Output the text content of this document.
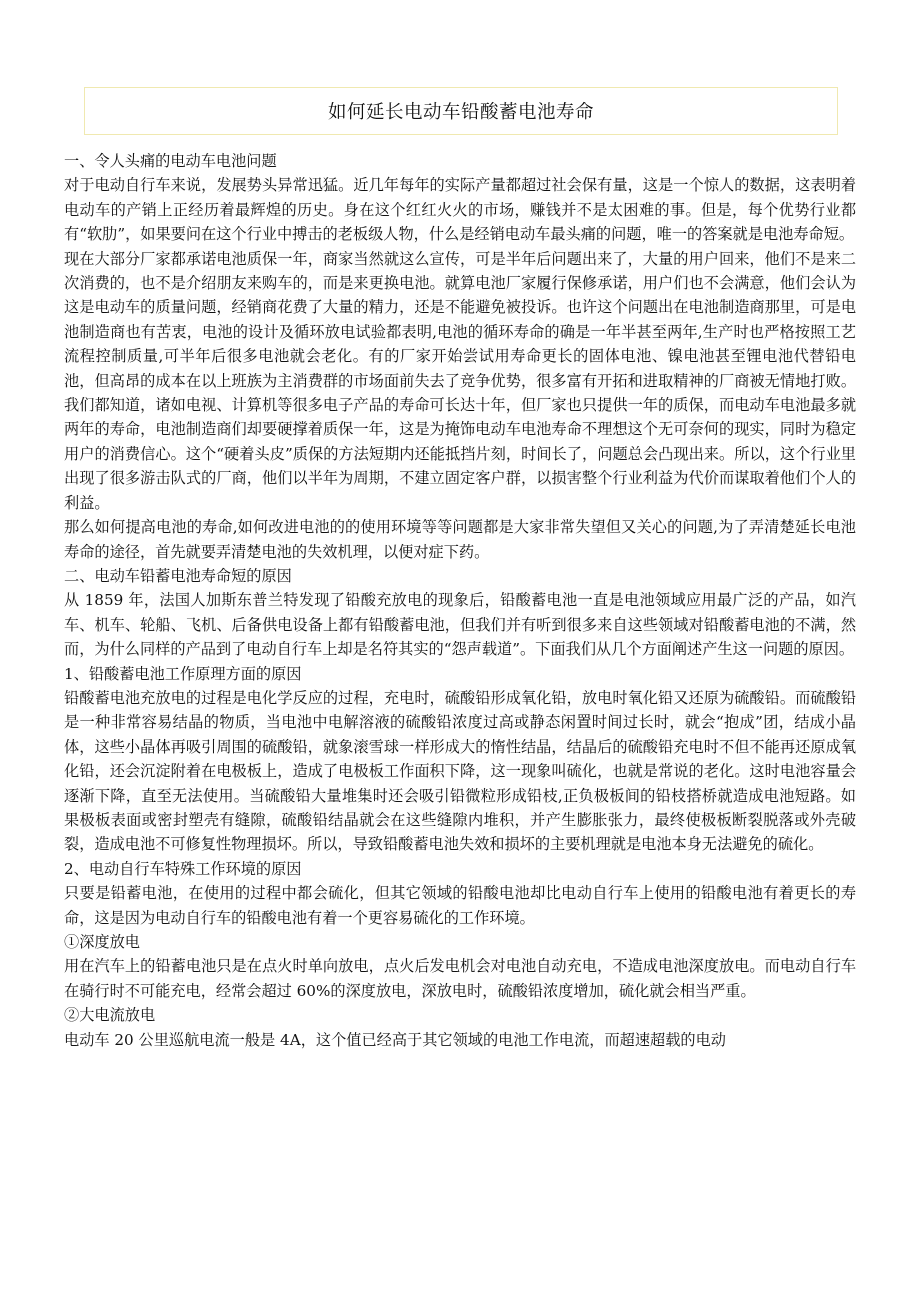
如何延长电动车铅酸蓄电池寿命

一、令人头痛的电动车电池问题

对于电动自行车来说，发展势头异常迅猛。近几年每年的实际产量都超过社会保有量，这是一个惊人的数据，这表明着电动车的产销上正经历着最辉煌的历史。身在这个红红火火的市场，赚钱并不是太困难的事。但是，每个优势行业都有“软肋”，如果要问在这个行业中搏击的老板级人物，什么是经销电动车最头痛的问题，唯一的答案就是电池寿命短。

现在大部分厂家都承诺电池质保一年，商家当然就这么宣传，可是半年后问题出来了，大量的用户回来，他们不是来二次消费的，也不是介绍朋友来购车的，而是来更换电池。就算电池厂家履行保修承诺，用户们也不会满意，他们会认为这是电动车的质量问题，经销商花费了大量的精力，还是不能避免被投诉。也许这个问题出在电池制造商那里，可是电池制造商也有苦衷，电池的设计及循环放电试验都表明,电池的循环寿命的确是一年半甚至两年,生产时也严格按照工艺流程控制质量,可半年后很多电池就会老化。有的厂家开始尝试用寿命更长的固体电池、镍电池甚至锂电池代替铅电池，但高昂的成本在以上班族为主消费群的市场面前失去了竞争优势，很多富有开拓和进取精神的厂商被无情地打败。我们都知道，诸如电视、计算机等很多电子产品的寿命可长达十年，但厂家也只提供一年的质保，而电动车电池最多就两年的寿命，电池制造商们却要硬撑着质保一年，这是为掩饰电动车电池寿命不理想这个无可奈何的现实，同时为稳定用户的消费信心。这个“硬着头皮”质保的方法短期内还能抵挡片刻，时间长了，问题总会凸现出来。所以，这个行业里出现了很多游击队式的厂商，他们以半年为周期，不建立固定客户群，以损害整个行业利益为代价而谋取着他们个人的利益。

那么如何提高电池的寿命,如何改进电池的的使用环境等等问题都是大家非常失望但又关心的问题,为了弄清楚延长电池寿命的途径，首先就要弄清楚电池的失效机理，以便对症下药。

二、电动车铅蓄电池寿命短的原因

从 1859 年，法国人加斯东普兰特发现了铅酸充放电的现象后，铅酸蓄电池一直是电池领域应用最广泛的产品，如汽车、机车、轮船、飞机、后备供电设备上都有铅酸蓄电池，但我们并有听到很多来自这些领域对铅酸蓄电池的不满，然而，为什么同样的产品到了电动自行车上却是名符其实的“怨声载道”。下面我们从几个方面阐述产生这一问题的原因。

1、铅酸蓄电池工作原理方面的原因

铅酸蓄电池充放电的过程是电化学反应的过程，充电时，硫酸铅形成氧化铅，放电时氧化铅又还原为硫酸铅。而硫酸铅是一种非常容易结晶的物质，当电池中电解溶液的硫酸铅浓度过高或静态闲置时间过长时，就会“抱成”团，结成小晶体，这些小晶体再吸引周围的硫酸铅，就象滚雪球一样形成大的惰性结晶，结晶后的硫酸铅充电时不但不能再还原成氧化铅，还会沉淀附着在电极板上，造成了电极板工作面积下降，这一现象叫硫化，也就是常说的老化。这时电池容量会逐渐下降，直至无法使用。当硫酸铅大量堆集时还会吸引铅微粒形成铅枝,正负极板间的铅枝搭桥就造成电池短路。如果极板表面或密封塑壳有缝隙，硫酸铅结晶就会在这些缝隙内堆积，并产生膨胀张力，最终使极板断裂脱落或外壳破裂，造成电池不可修复性物理损坏。所以，导致铅酸蓄电池失效和损坏的主要机理就是电池本身无法避免的硫化。

2、电动自行车特殊工作环境的原因

只要是铅蓄电池，在使用的过程中都会硫化，但其它领域的铅酸电池却比电动自行车上使用的铅酸电池有着更长的寿命，这是因为电动自行车的铅酸电池有着一个更容易硫化的工作环境。

①深度放电

用在汽车上的铅蓄电池只是在点火时单向放电，点火后发电机会对电池自动充电，不造成电池深度放电。而电动自行车在骑行时不可能充电，经常会超过 60%的深度放电，深放电时，硫酸铅浓度增加，硫化就会相当严重。

②大电流放电

电动车 20 公里巡航电流一般是 4A，这个值已经高于其它领域的电池工作电流，而超速超载的电动
